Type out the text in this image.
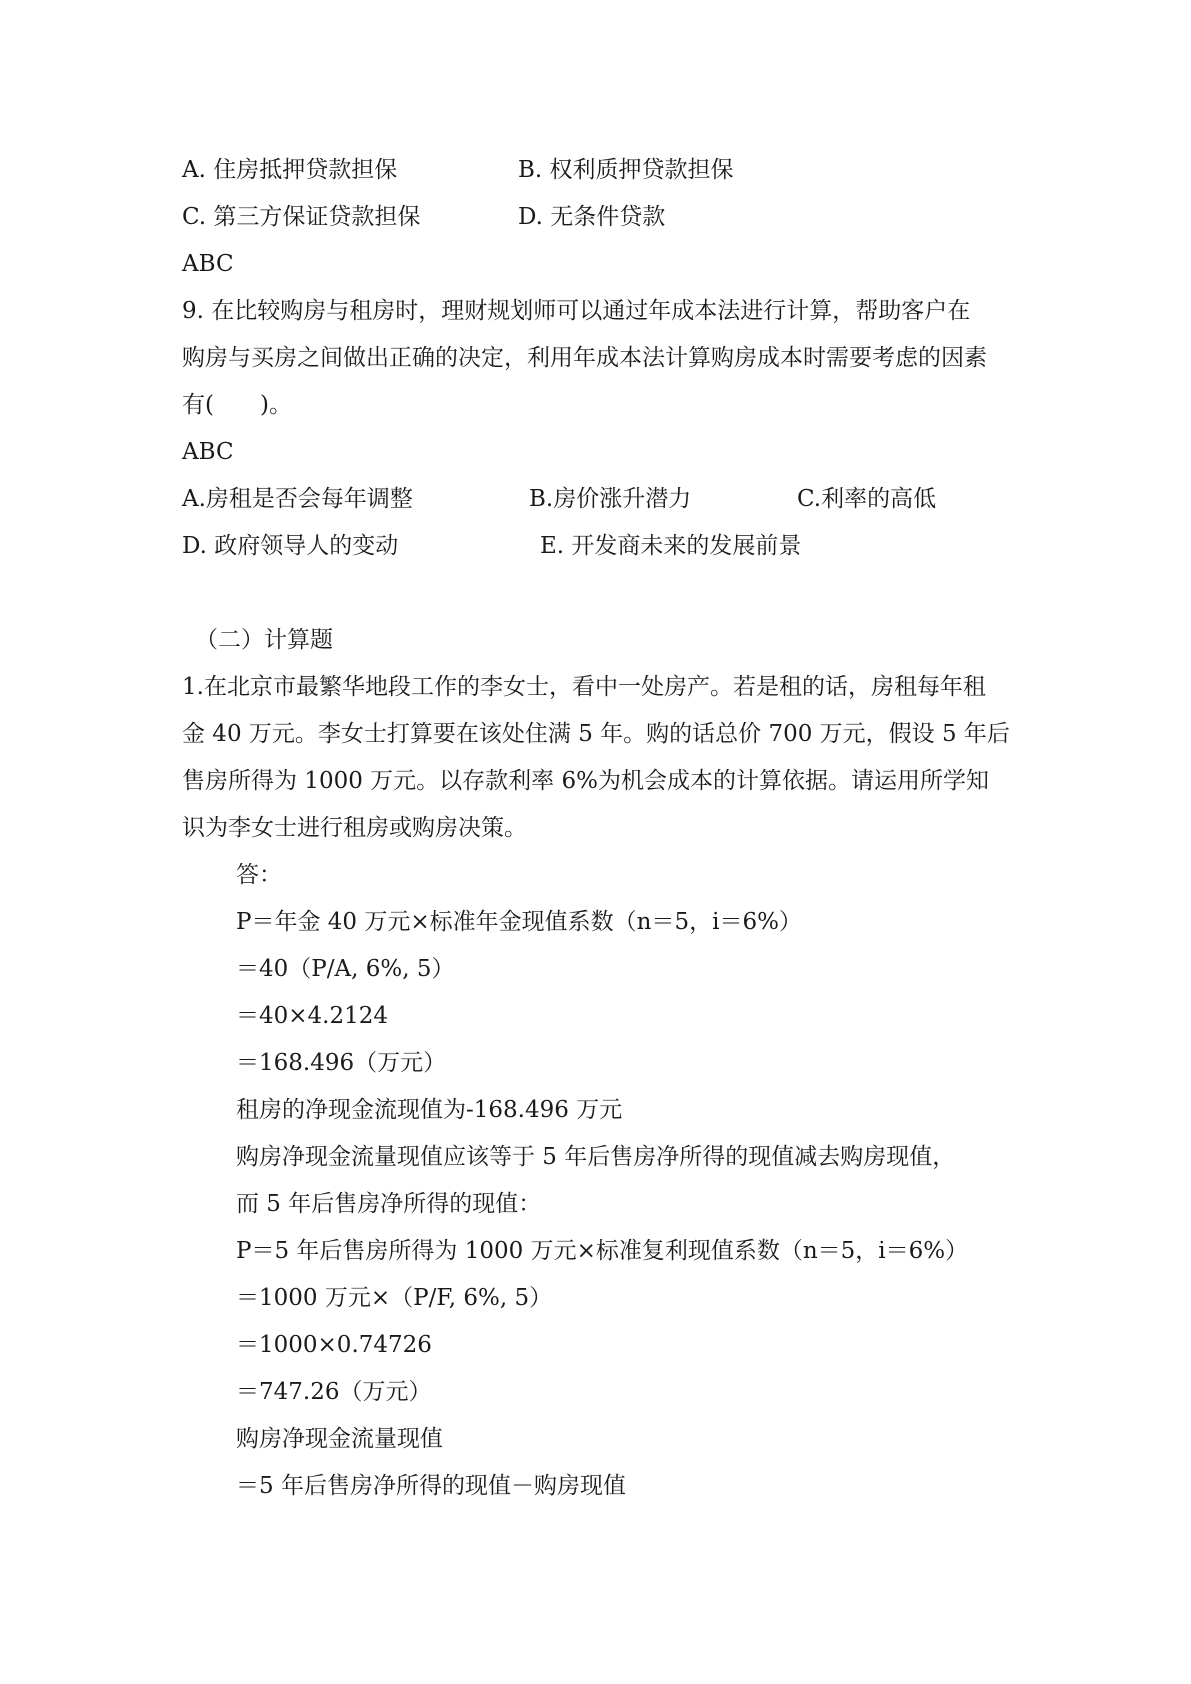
A. 住房抵押贷款担保	B. 权利质押贷款担保
C. 第三方保证贷款担保	D. 无条件贷款
ABC
9. 在比较购房与租房时，理财规划师可以通过年成本法进行计算，帮助客户在
购房与买房之间做出正确的决定，利用年成本法计算购房成本时需要考虑的因素
有(　　)。
ABC
A.房租是否会每年调整	B.房价涨升潜力	C.利率的高低
D. 政府领导人的变动	E. 开发商未来的发展前景
（二）计算题
1.在北京市最繁华地段工作的李女士，看中一处房产。若是租的话，房租每年租
金 40 万元。李女士打算要在该处住满 5 年。购的话总价 700 万元，假设 5 年后
售房所得为 1000 万元。以存款利率 6%为机会成本的计算依据。请运用所学知
识为李女士进行租房或购房决策。
答：
P＝年金 40 万元×标准年金现值系数（n＝5，i＝6%）
＝40（P/A, 6%, 5）
＝40×4.2124
＝168.496（万元）
租房的净现金流现值为-168.496 万元
购房净现金流量现值应该等于 5 年后售房净所得的现值减去购房现值，
而 5 年后售房净所得的现值：
P＝5 年后售房所得为 1000 万元×标准复利现值系数（n＝5，i＝6%）
＝1000 万元×（P/F, 6%, 5）
＝1000×0.74726
＝747.26（万元）
购房净现金流量现值
＝5 年后售房净所得的现值－购房现值
